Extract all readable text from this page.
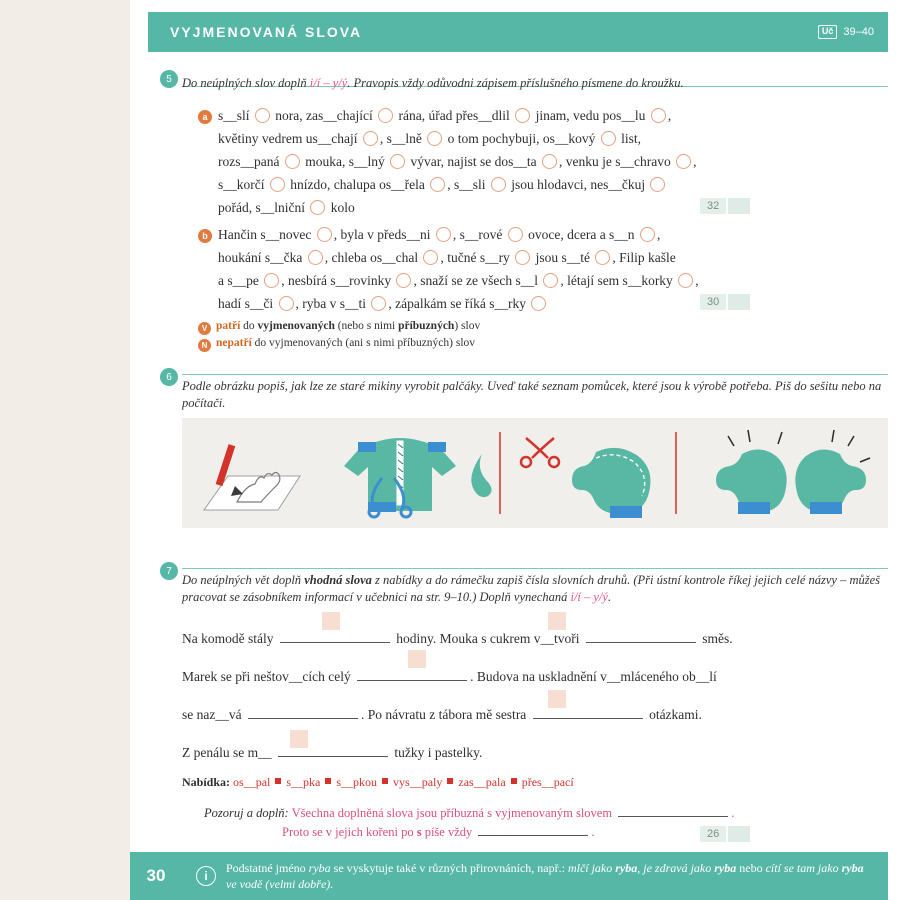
VYJMENOVANÁ SLOVA	Uč 39–40
5 Do neúplných slov doplň i/í – y/ý. Pravopis vždy odůvodni zápisem příslušného písmene do kroužku.
a s__slí  nora, zas__chající  rána, úřad přes__dlil  jinam, vedu pos__lu ,
květiny vedrem us__chají , s__lně  o tom pochybuji, os__kový  list,
rozs__paná  mouka, s__lný  vývar, najist se dos__ta , venku je s__chravo ,
s__korčí  hnízdo, chalupa os__řela , s__sli  jsou hlodavci, nes__čkuj
pořád, s__lniční  kolo	32
b Hančin s__novec , byla v předs__ni , s__rové  ovoce, dcera a s__n ,
houkání s__čka , chleba os__chal , tučné s__ry  jsou s__té , Filip kašle
a s__pe , nesbírá s__rovinky , snaží se ze všech s__l , létají sem s__korky ,
hadí s__či , ryba v s__ti , zápalkám se říká s__rky	30
V patří do vyjmenovaných (nebo s nimi příbuzných) slov
N nepatří do vyjmenovaných (ani s nimi příbuzných) slov
6
Podle obrázku popiš, jak lze ze staré mikiny vyrobit palčáky. Uveď také seznam pomůcek, které jsou k výrobě potřeba. Piš do sešitu nebo na počítači.
7
Do neúplných vět doplň vhodná slova z nabídky a do rámečku zapiš čísla slovních druhů. (Při ústní kontrole říkej jejich celé názvy – můžeš pracovat se zásobníkem informací v učebnici na str. 9–10.) Doplň vynechaná i/í – y/ý.
Na komodě stály	hodiny. Mouka s cukrem v__tvoři	směs.
Marek se při neštov__cích celý	. Budova na uskladnění v__mláceného ob__lí
se naz__vá	. Po návratu z tábora mě sestra	otázkami.
Z penálu se m__	tužky i pastelky.
Nabídka: os__pal s__pka s__pkou vys__paly zas__pala přes__pací
Pozoruj a doplň: Všechna doplněná slova jsou příbuzná s vyjmenovaným slovem	.
Proto se v jejich kořeni po s píše vždy	.	26
30	i
Podstatné jméno ryba se vyskytuje také v různých přirovnáních, např.: mlčí jako ryba, je zdravá jako ryba nebo cítí se tam jako ryba ve vodě (velmi dobře).
